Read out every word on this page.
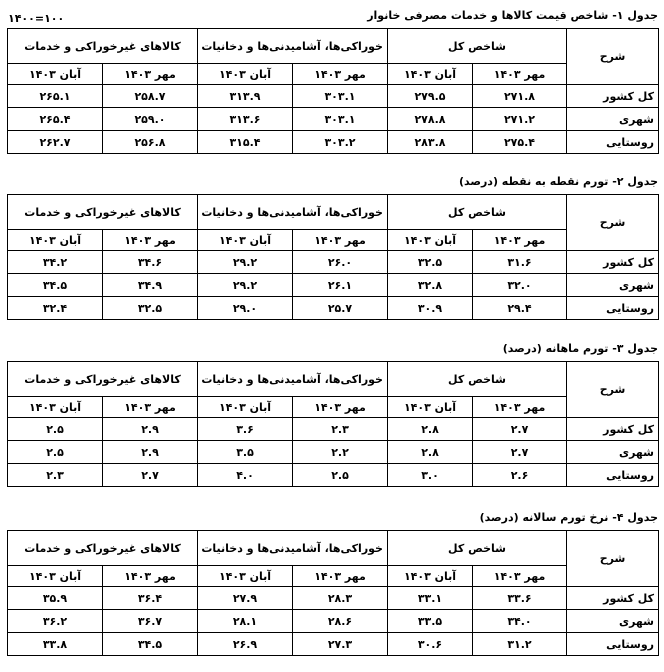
۱۴۰۰=۱۰۰	جدول ۱- شاخص قیمت کالاها و خدمات مصرفی خانوار
شرح	شاخص کل		خوراکی‌ها، آشامیدنی‌ها و دخانیات		کالاهای غیرخوراکی و خدمات	
	مهر ۱۴۰۳	آبان ۱۴۰۳	مهر ۱۴۰۳	آبان ۱۴۰۳	مهر ۱۴۰۳	آبان ۱۴۰۳
کل کشور	۲۷۱.۸	۲۷۹.۵	۳۰۳.۱	۳۱۳.۹	۲۵۸.۷	۲۶۵.۱
شهری	۲۷۱.۲	۲۷۸.۸	۳۰۳.۱	۳۱۳.۶	۲۵۹.۰	۲۶۵.۴
روستایی	۲۷۵.۴	۲۸۳.۸	۳۰۳.۲	۳۱۵.۴	۲۵۶.۸	۲۶۲.۷
جدول ۲- تورم نقطه به نقطه (درصد)
شرح	شاخص کل		خوراکی‌ها، آشامیدنی‌ها و دخانیات		کالاهای غیرخوراکی و خدمات	
	مهر ۱۴۰۳	آبان ۱۴۰۳	مهر ۱۴۰۳	آبان ۱۴۰۳	مهر ۱۴۰۳	آبان ۱۴۰۳
کل کشور	۳۱.۶	۳۲.۵	۲۶.۰	۲۹.۲	۳۴.۶	۳۴.۲
شهری	۳۲.۰	۳۲.۸	۲۶.۱	۲۹.۲	۳۴.۹	۳۴.۵
روستایی	۲۹.۴	۳۰.۹	۲۵.۷	۲۹.۰	۳۲.۵	۳۲.۴
جدول ۳- تورم ماهانه (درصد)
شرح	شاخص کل		خوراکی‌ها، آشامیدنی‌ها و دخانیات		کالاهای غیرخوراکی و خدمات	
	مهر ۱۴۰۳	آبان ۱۴۰۳	مهر ۱۴۰۳	آبان ۱۴۰۳	مهر ۱۴۰۳	آبان ۱۴۰۳
کل کشور	۲.۷	۲.۸	۲.۳	۳.۶	۲.۹	۲.۵
شهری	۲.۷	۲.۸	۲.۲	۳.۵	۲.۹	۲.۵
روستایی	۲.۶	۳.۰	۲.۵	۴.۰	۲.۷	۲.۳
جدول ۴- نرخ تورم سالانه (درصد)
شرح	شاخص کل		خوراکی‌ها، آشامیدنی‌ها و دخانیات		کالاهای غیرخوراکی و خدمات	
	مهر ۱۴۰۳	آبان ۱۴۰۳	مهر ۱۴۰۳	آبان ۱۴۰۳	مهر ۱۴۰۳	آبان ۱۴۰۳
کل کشور	۳۳.۶	۳۳.۱	۲۸.۳	۲۷.۹	۳۶.۴	۳۵.۹
شهری	۳۴.۰	۳۳.۵	۲۸.۶	۲۸.۱	۳۶.۷	۳۶.۲
روستایی	۳۱.۲	۳۰.۶	۲۷.۳	۲۶.۹	۳۴.۵	۳۳.۸
